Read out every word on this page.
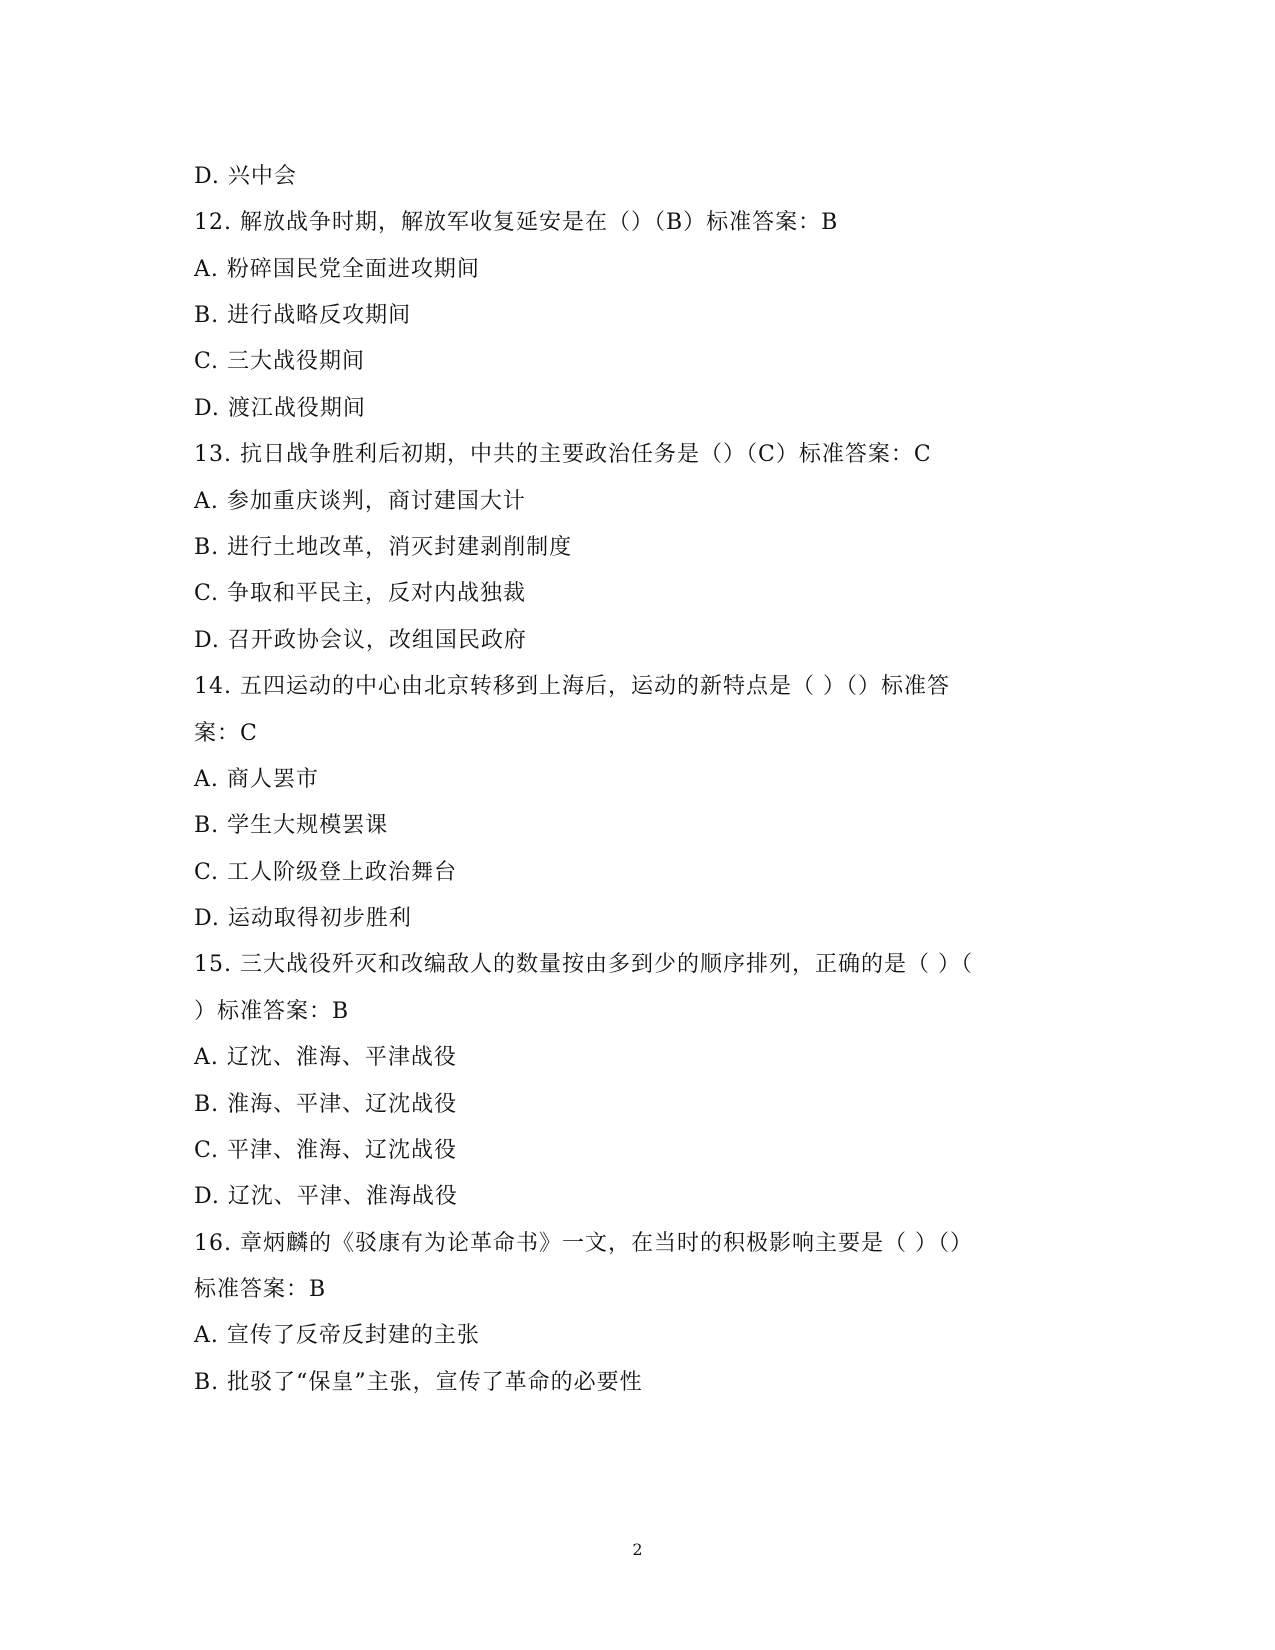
D. 兴中会
12. 解放战争时期，解放军收复延安是在（）（B）标准答案：B
A. 粉碎国民党全面进攻期间
B. 进行战略反攻期间
C. 三大战役期间
D. 渡江战役期间
13. 抗日战争胜利后初期，中共的主要政治任务是（）（C）标准答案：C
A. 参加重庆谈判，商讨建国大计
B. 进行土地改革，消灭封建剥削制度
C. 争取和平民主，反对内战独裁
D. 召开政协会议，改组国民政府
14. 五四运动的中心由北京转移到上海后，运动的新特点是（ ）（）标准答
案：C
A. 商人罢市
B. 学生大规模罢课
C. 工人阶级登上政治舞台
D. 运动取得初步胜利
15. 三大战役歼灭和改编敌人的数量按由多到少的顺序排列，正确的是（ ）（
）标准答案：B
A. 辽沈、淮海、平津战役
B. 淮海、平津、辽沈战役
C. 平津、淮海、辽沈战役
D. 辽沈、平津、淮海战役
16. 章炳麟的《驳康有为论革命书》一文，在当时的积极影响主要是（ ）（）
标准答案：B
A. 宣传了反帝反封建的主张
B. 批驳了“保皇”主张，宣传了革命的必要性
2
